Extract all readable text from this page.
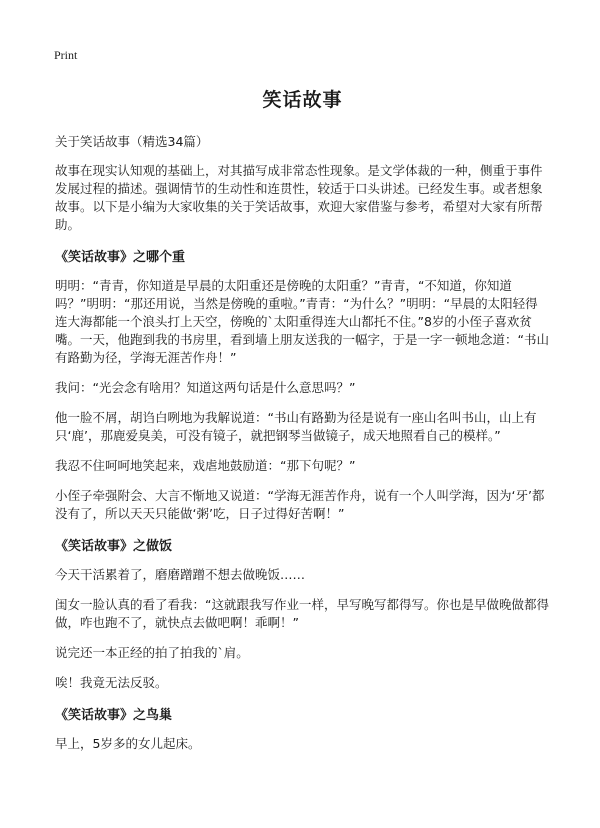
Print
笑话故事
关于笑话故事（精选34篇）
故事在现实认知观的基础上，对其描写成非常态性现象。是文学体裁的一种，侧重于事件发展过程的描述。强调情节的生动性和连贯性，较适于口头讲述。已经发生事。或者想象故事。以下是小编为大家收集的关于笑话故事，欢迎大家借鉴与参考，希望对大家有所帮助。
《笑话故事》之哪个重
明明：“青青，你知道是早晨的太阳重还是傍晚的太阳重？”青青，“不知道，你知道吗？”明明：“那还用说，当然是傍晚的重啦。”青青：“为什么？”明明：“早晨的太阳轻得连大海都能一个浪头打上天空，傍晚的`太阳重得连大山都托不住。”8岁的小侄子喜欢贫嘴。一天，他跑到我的书房里，看到墙上朋友送我的一幅字，于是一字一顿地念道：“书山有路勤为径，学海无涯苦作舟！”
我问：“光会念有啥用？知道这两句话是什么意思吗？”
他一脸不屑，胡诌白咧地为我解说道：“书山有路勤为径是说有一座山名叫书山，山上有只‘鹿’，那鹿爱臭美，可没有镜子，就把钢琴当做镜子，成天地照看自己的模样。”
我忍不住呵呵地笑起来，戏虐地鼓励道：“那下句呢？”
小侄子牵强附会、大言不惭地又说道：“学海无涯苦作舟，说有一个人叫学海，因为‘牙’都没有了，所以天天只能做‘粥’吃，日子过得好苦啊！”
《笑话故事》之做饭
今天干活累着了，磨磨蹭蹭不想去做晚饭……
闺女一脸认真的看了看我：“这就跟我写作业一样，早写晚写都得写。你也是早做晚做都得做，咋也跑不了，就快点去做吧啊！乖啊！”
说完还一本正经的拍了拍我的`肩。
唉！我竟无法反驳。
《笑话故事》之鸟巢
早上，5岁多的女儿起床。
